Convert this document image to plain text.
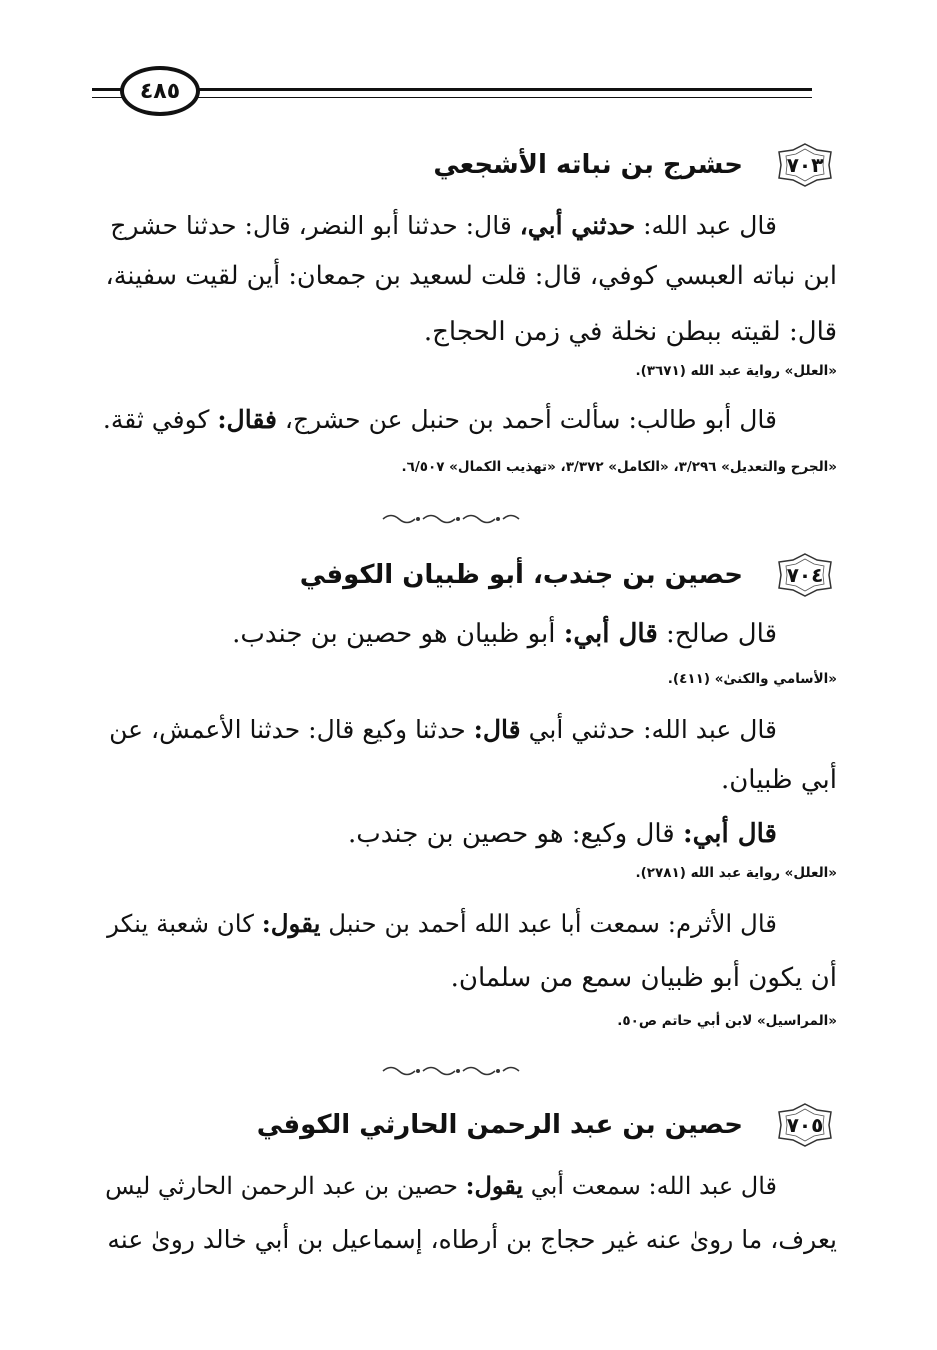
٤٨٥
٧٠٣
حشرج بن نباته الأشجعي
قال عبد الله: حدثني أبي، قال: حدثنا أبو النضر، قال: حدثنا حشرج
ابن نباته العبسي كوفي، قال: قلت لسعيد بن جمعان: أين لقيت سفينة،
قال: لقيته ببطن نخلة في زمن الحجاج.
«العلل» رواية عبد الله (٣٦٧١).
قال أبو طالب: سألت أحمد بن حنبل عن حشرج، فقال: كوفي ثقة.
«الجرح والتعديل» ٣/٢٩٦، «الكامل» ٣/٣٧٢، «تهذيب الكمال» ٦/٥٠٧.
٧٠٤
حصين بن جندب، أبو ظبيان الكوفي
قال صالح: قال أبي: أبو ظبيان هو حصين بن جندب.
«الأسامي والكنىٰ» (٤١١).
قال عبد الله: حدثني أبي قال: حدثنا وكيع قال: حدثنا الأعمش، عن
أبي ظبيان.
قال أبي: قال وكيع: هو حصين بن جندب.
«العلل» رواية عبد الله (٢٧٨١).
قال الأثرم: سمعت أبا عبد الله أحمد بن حنبل يقول: كان شعبة ينكر
أن يكون أبو ظبيان سمع من سلمان.
«المراسيل» لابن أبي حاتم ص٥٠.
٧٠٥
حصين بن عبد الرحمن الحارثي الكوفي
قال عبد الله: سمعت أبي يقول: حصين بن عبد الرحمن الحارثي ليس
يعرف، ما روىٰ عنه غير حجاج بن أرطاه، إسماعيل بن أبي خالد روىٰ عنه
